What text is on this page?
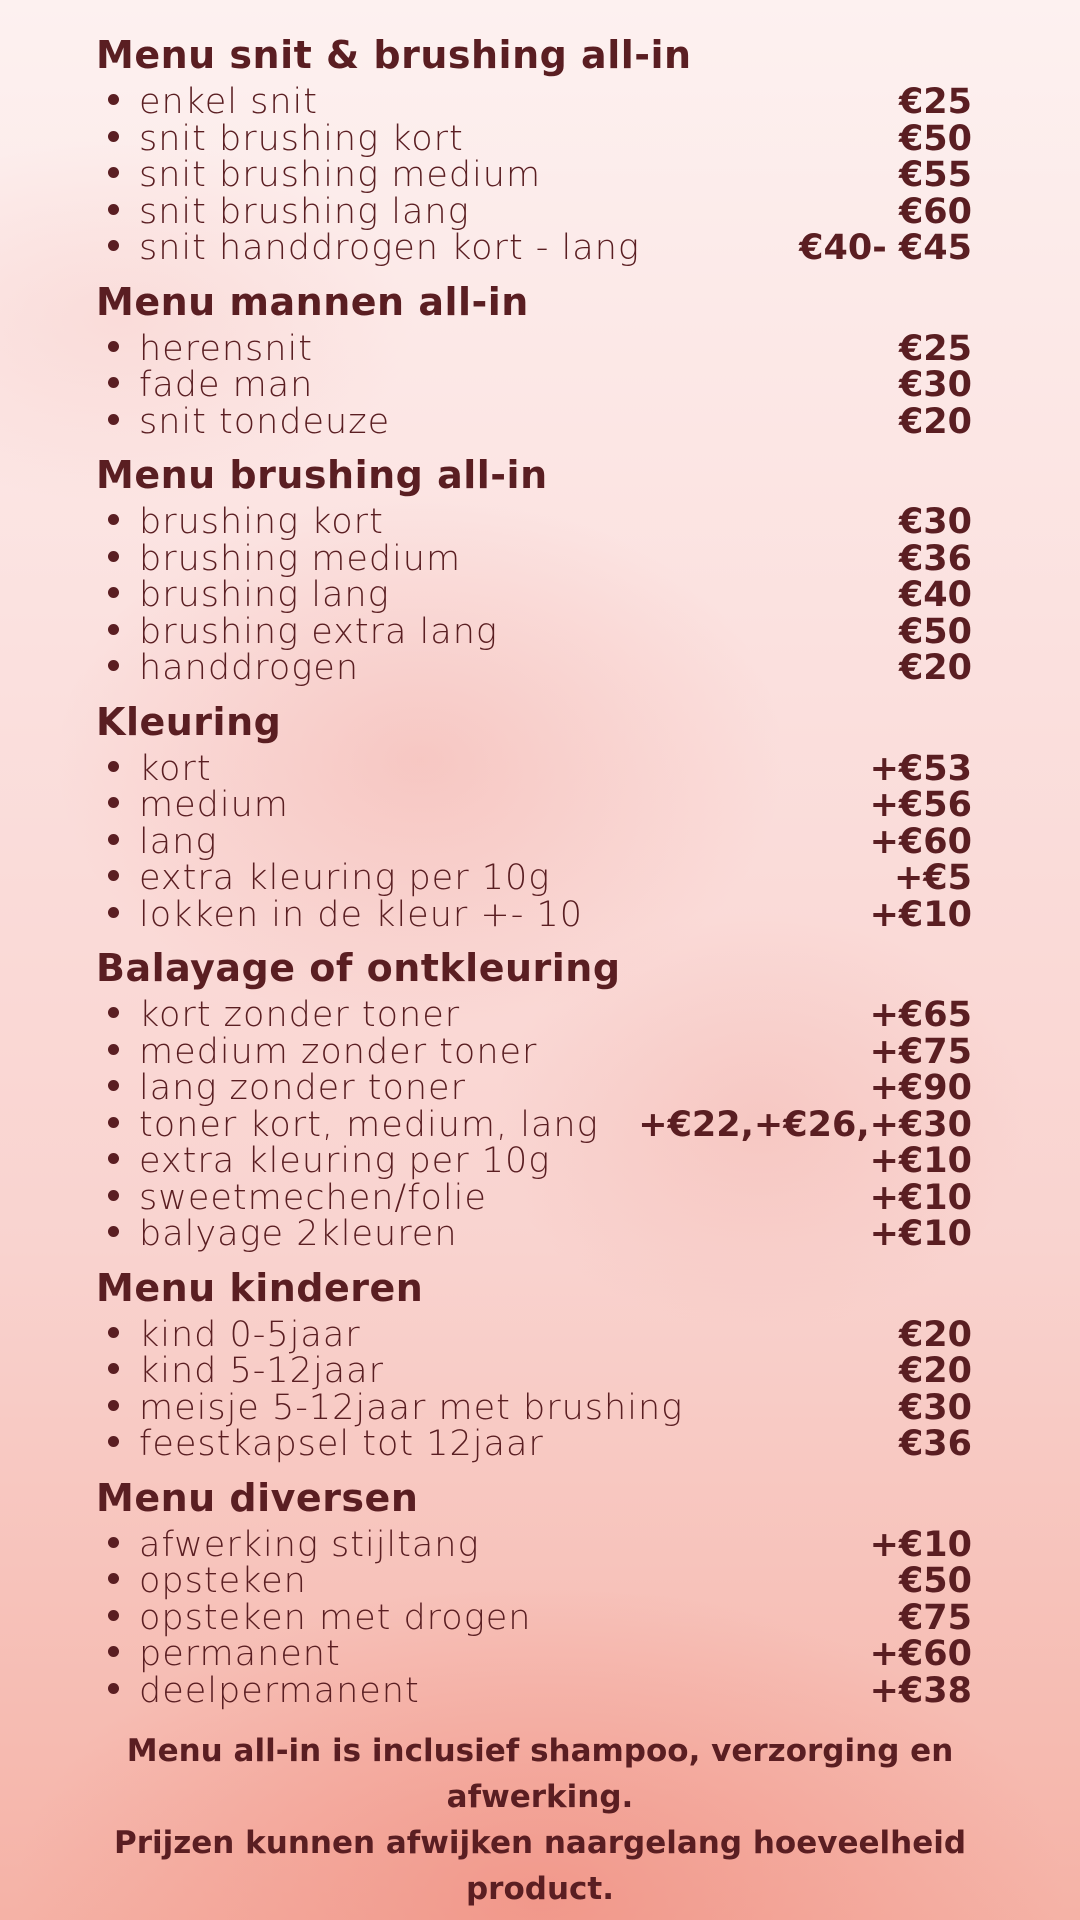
Menu snit & brushing all-in
enkel snit	€25
snit brushing kort	€50
snit brushing medium	€55
snit brushing lang	€60
snit handdrogen kort - lang	€40- €45
Menu mannen all-in
herensnit	€25
fade man	€30
snit tondeuze	€20
Menu brushing all-in
brushing kort	€30
brushing medium	€36
brushing lang	€40
brushing extra lang	€50
handdrogen	€20
Kleuring
kort	+€53
medium	+€56
lang	+€60
extra kleuring per 10g	+€5
lokken in de kleur +- 10	+€10
Balayage of ontkleuring
kort zonder toner	+€65
medium zonder toner	+€75
lang zonder toner	+€90
toner kort, medium, lang +€22,+€26,+€30
extra kleuring per 10g	+€10
sweetmechen/folie	+€10
balyage 2kleuren	+€10
Menu kinderen
kind 0-5jaar	€20
kind 5-12jaar	€20
meisje 5-12jaar met brushing	€30
feestkapsel tot 12jaar	€36
Menu diversen
afwerking stijltang	+€10
opsteken	€50
opsteken met drogen	€75
permanent	+€60
deelpermanent	+€38
Menu all-in is inclusief shampoo, verzorging en afwerking.
Prijzen kunnen afwijken naargelang hoeveelheid product.
